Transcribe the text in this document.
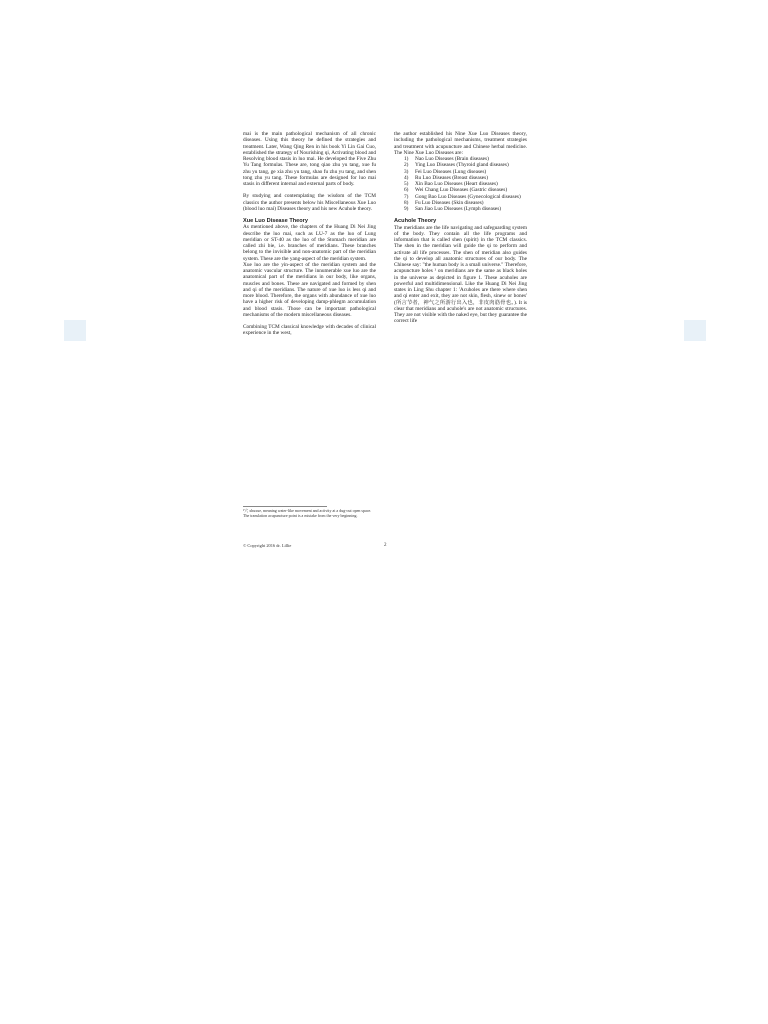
mai is the main pathological mechanism of all chronic diseases. Using this theory he defined the strategies and treatment. Later, Wang Qing Ren in his book Yi Lin Gai Cuo, established the strategy of Nourishing qi, Activating blood and Resolving blood stasis in luo mai. He developed the Five Zhu Yu Tang formulas. These are, tong qiao zhu yu tang, xue fu zhu yu tang, ge xia zhu yu tang, shao fu zhu yu tang, and shen tong zhu yu tang. These formulas are designed for luo mai stasis in different internal and external parts of body.

By studying and contemplating the wisdom of the TCM classics the author presents below his Miscellaneous Xue Luo (blood luo mai) Diseases theory and his new Acuhole theory.

Xue Luo Disease Theory

As mentioned above, the chapters of the Huang Di Nei Jing describe the luo mai, such as LU-7 as the luo of Lung meridian or ST-40 as the luo of the Stomach meridian are called zhi bie, i.e. branches of meridians. These branches belong to the invisible and non-anatomic part of the meridian system. These are the yang-aspect of the meridian system.

Xue luo are the yin-aspect of the meridian system and the anatomic vascular structure. The innumerable xue luo are the anatomical part of the meridians in our body, like organs, muscles and bones. These are navigated and formed by shen and qi of the meridians. The nature of xue luo is less qi and more blood. Therefore, the organs with abundance of xue luo have a higher risk of developing damp-phlegm accumulation and blood stasis. Those can be important pathological mechanisms of the modern miscellaneous diseases.

Combining TCM classical knowledge with decades of clinical experience in the west,

the author established his Nine Xue Luo Diseases theory, including the pathological mechanisms, treatment strategies and treatment with acupuncture and Chinese herbal medicine. The Nine Xue Luo Diseases are:

1) Nao Luo Diseases (Brain diseases)
2) Ying Luo Diseases (Thyroid gland diseases)
3) Fei Luo Diseases (Lung diseases)
4) Ru Luo Diseases (Breast diseases)
5) Xin Bao Luo Diseases (Heart diseases)
6) Wei Chang Luo Diseases (Gastric diseases)
7) Gong Bao Luo Diseases (Gynecological diseases)
8) Fu Luo Diseases (Skin diseases)
9) San Jiao Luo Diseases (Lymph diseases)

Acuhole Theory

The meridians are the life navigating and safeguarding system of the body. They contain all the life programs and information that is called shen (spirit) in the TCM classics. The shen in the meridian will guide the qi to perform and activate all life processes. The shen of meridian also guides the qi to develop all anatomic structures of our body. The Chinese say: "the human body is a small universe." Therefore, acupuncture holes ¹ on meridians are the same as black holes in the universe as depicted in figure 1. These acuholes are powerful and multidimensional. Like the Huang Di Nei Jing states in Ling Shu chapter 1: 'Acuholes are there where shen and qi enter and exit, they are not skin, flesh, sinew or bones' (所言节者，神气之所游行出入也，非皮肉筋骨也。). It is clear that meridians and acuhole's are not anatomic structures. They are not visible with the naked eye, but they guarantee the correct life

¹穴 xhuxue, meaning water-like movement and activity at a dug-out open space. The translation acupuncture point is a mistake from the very beginning.
© Copyright 2016 dr. Lillie	2
